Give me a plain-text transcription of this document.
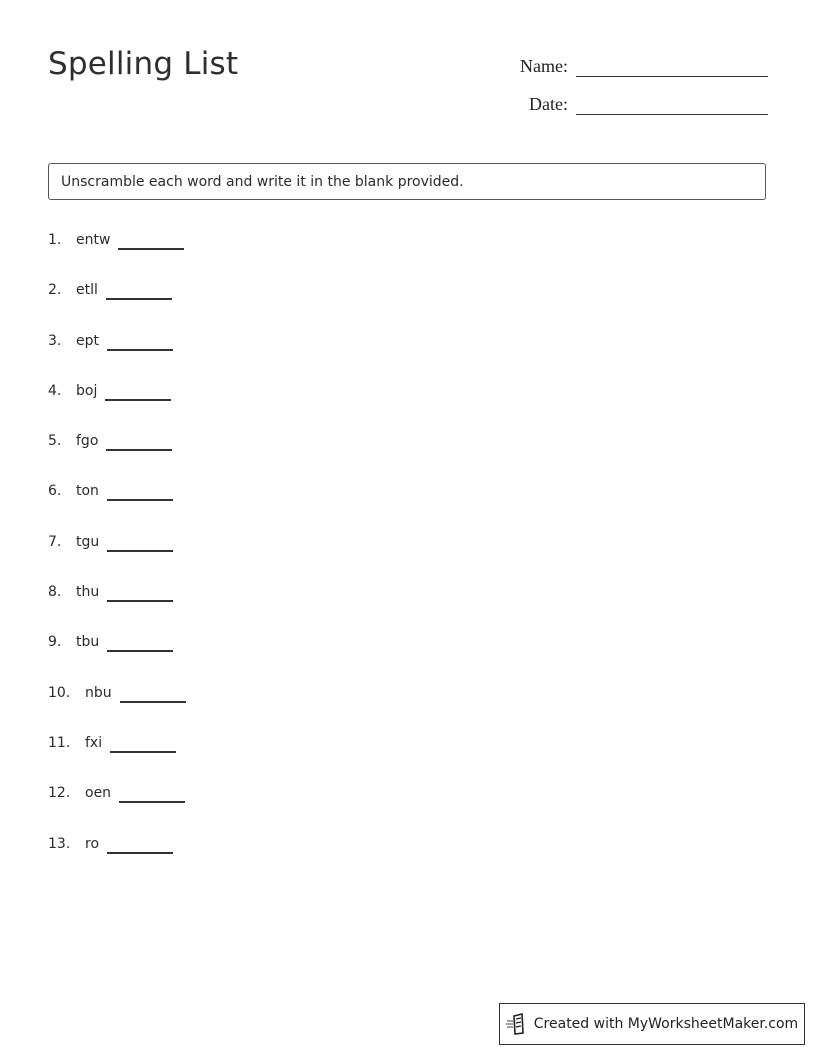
Spelling List	Name:
Date:
Unscramble each word and write it in the blank provided.
1.	entw
2.	etll
3.	ept
4.	boj
5.	fgo
6.	ton
7.	tgu
8.	thu
9.	tbu
10.	nbu
11.	fxi
12.	oen
13.	ro
Created with MyWorksheetMaker.com
